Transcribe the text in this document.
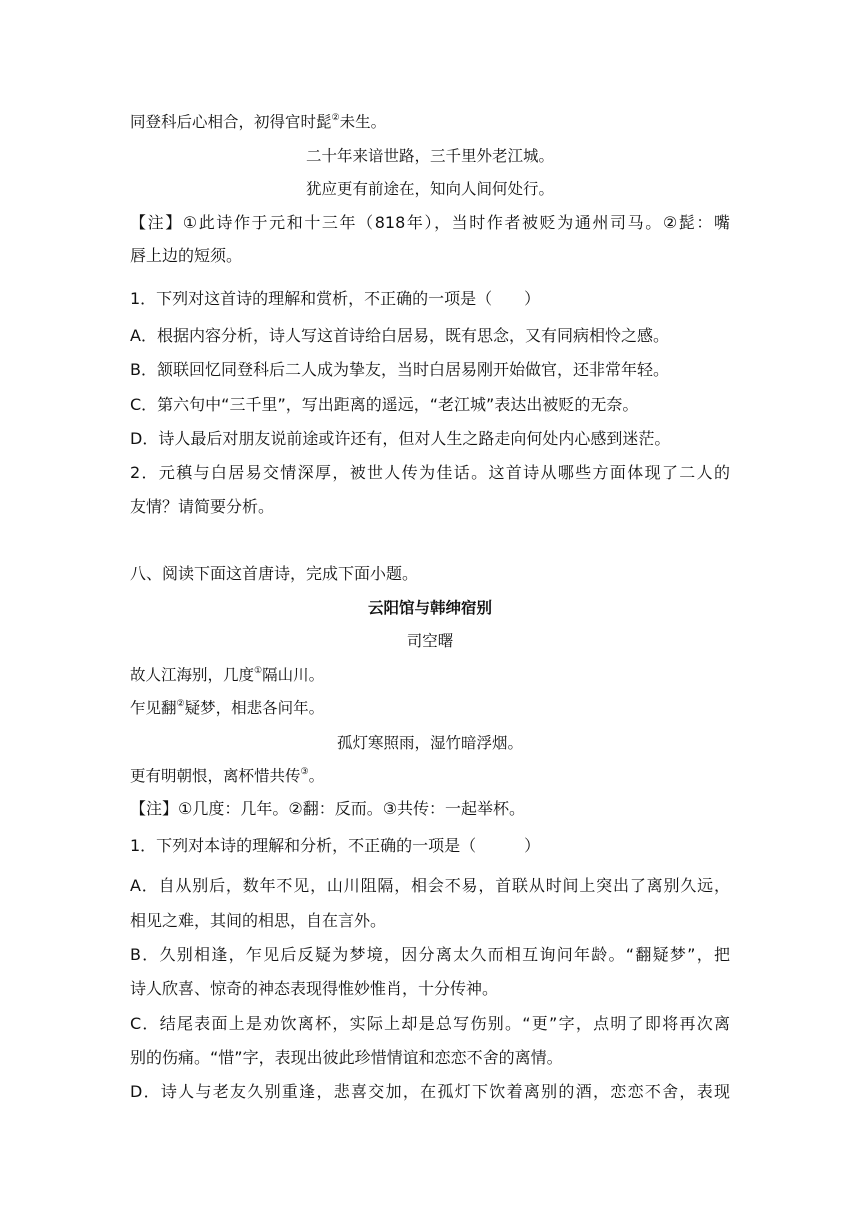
同登科后心相合，初得官时髭②未生。
二十年来谙世路，三千里外老江城。
犹应更有前途在，知向人间何处行。
【注】①此诗作于元和十三年（818年），当时作者被贬为通州司马。②髭：嘴
唇上边的短须。
1．下列对这首诗的理解和赏析，不正确的一项是（　　）
A．根据内容分析，诗人写这首诗给白居易，既有思念，又有同病相怜之感。
B．颔联回忆同登科后二人成为挚友，当时白居易刚开始做官，还非常年轻。
C．第六句中“三千里”，写出距离的遥远，“老江城”表达出被贬的无奈。
D．诗人最后对朋友说前途或许还有，但对人生之路走向何处内心感到迷茫。
2．元稹与白居易交情深厚，被世人传为佳话。这首诗从哪些方面体现了二人的
友情？请简要分析。
八、阅读下面这首唐诗，完成下面小题。
云阳馆与韩绅宿别
司空曙
故人江海别，几度①隔山川。
乍见翻②疑梦，相悲各问年。
孤灯寒照雨，湿竹暗浮烟。
更有明朝恨，离杯惜共传③。
【注】①几度：几年。②翻：反而。③共传：一起举杯。
1．下列对本诗的理解和分析，不正确的一项是（　　　）
A．自从别后，数年不见，山川阻隔，相会不易，首联从时间上突出了离别久远，
相见之难，其间的相思，自在言外。
B．久别相逢，乍见后反疑为梦境，因分离太久而相互询问年龄。“翻疑梦”，把
诗人欣喜、惊奇的神态表现得惟妙惟肖，十分传神。
C．结尾表面上是劝饮离杯，实际上却是总写伤别。“更”字，点明了即将再次离
别的伤痛。“惜”字，表现出彼此珍惜情谊和恋恋不舍的离情。
D．诗人与老友久别重逢，悲喜交加，在孤灯下饮着离别的酒，恋恋不舍，表现
